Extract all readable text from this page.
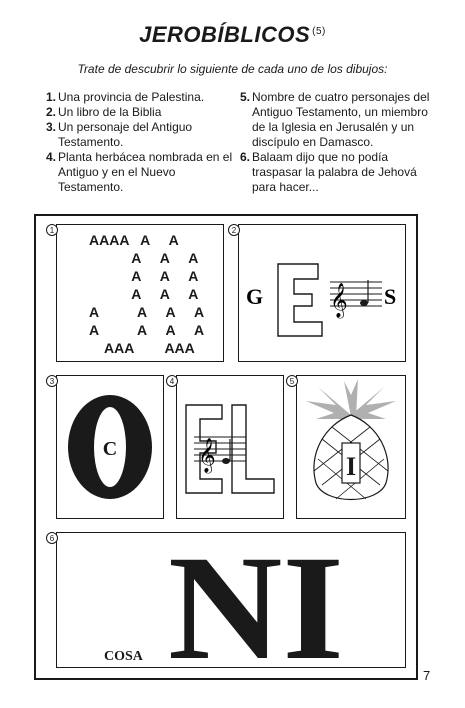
JEROBÍBLICOS $^{(5)}$
Trate de descubrir lo siguiente de cada uno de los dibujos:
1. Una provincia de Palestina.
2. Un libro de la Biblia
3. Un personaje del Antiguo Testamento.
4. Planta herbácea nombrada en el Antiguo y en el Nuevo Testamento.
5. Nombre de cuatro personajes del Antiguo Testamento, un miembro de la Iglesia en Jerusalén y un discípulo en Damasco.
6. Balaam dijo que no podía traspasar la palabra de Jehová para hacer...
1
AAAA   A     A
A     A     A
A     A     A
A     A     A
A          A     A     A
A          A     A     A
AAA        AAA
2
G 𝄞 S
3
C
4
𝄞
5
I
6 NI
COSA
7
